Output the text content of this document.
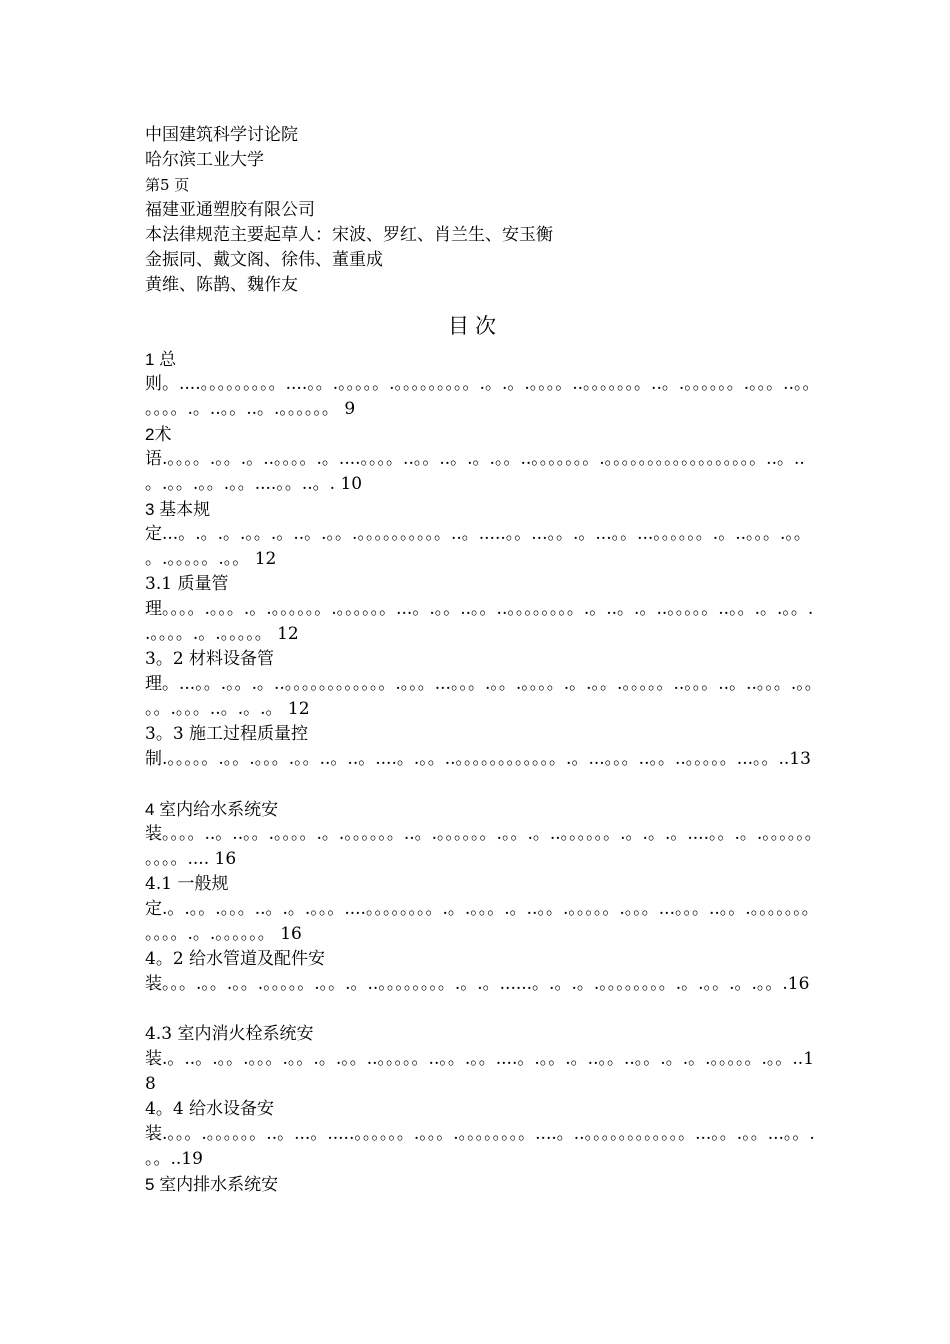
中国建筑科学讨论院
哈尔滨工业大学
第5 页
福建亚通塑胶有限公司
本法律规范主要起草人：宋波、罗红、肖兰生、安玉衡
金振同、戴文阁、徐伟、董重成
黄维、陈鹊、魏作友
目次
1 总
则。....。。。。。。。。。....。。.。。。。。.。。。。。。。。。.。.。.。。。。..。。。。。。。..。.。。。。。。.。。。..。。。。。。.。..。。..。.。。。。。。 9
2术
语.。。。。.。。.。..。。。。.。....。。。。..。。..。.。.。。..。。。。。。。.。。。。。。。。。。。。。。。。。。..。..。.。。.。。.。。....。。..。. 10
3 基本规
定...。.。.。.。。.。..。.。。.。。。。。。。。。。..。.....。。...。。.。...。。...。。。。。。.。..。。。.。。。.。。。。。.。。 12
3.1 质量管
理。。。。.。。。.。.。。。。。。.。。。。。。...。.。。..。。..。。。。。。。。.。..。.。..。。。。。..。。.。.。。..。。。。.。.。。。。。 12
3。2 材料设备管
理。...。。.。。.。..。。。。。。。。。。。。.。。。...。。。.。。.。。。。.。.。。.。。。。。..。。。..。..。。。.。。。。.。。。..。.。.。 12
3。3 施工过程质量控
制.。。。。。.。。.。。。.。。..。..。....。.。。..。。。。。。。。。。。。.。...。。。..。。..。。。。。...。。..13
4 室内给水系统安
装。。。。..。..。。.。。。。.。.。。。。。。..。.。。。。。。.。。.。..。。。。。。.。.。.。....。。.。.。。。。。。。。。。.... 16
4.1 一般规
定.。.。。.。。。..。.。.。。。....。。。。。。。。.。.。。。.。..。。.。。。。。.。。。...。。。..。。.。。。。。。。。。。。.。.。。。。。。 16
4。2 给水管道及配件安
装。。。.。。.。。.。。。。。.。。.。..。。。。。。。。.。.。......。.。.。.。。。。。。。。.。.。。.。.。。.16
4.3 室内消火栓系统安
装.。..。.。。.。。。.。。.。.。。..。。。。。..。。.。。....。.。。.。..。。..。。.。.。.。。。。。.。。..18
4。4 给水设备安
装.。。。.。。。。。。..。...。.....。。。。。。.。。。.。。。。。。。。....。..。。。。。。。。。。。。...。。.。。...。。.。。..19
5 室内排水系统安
